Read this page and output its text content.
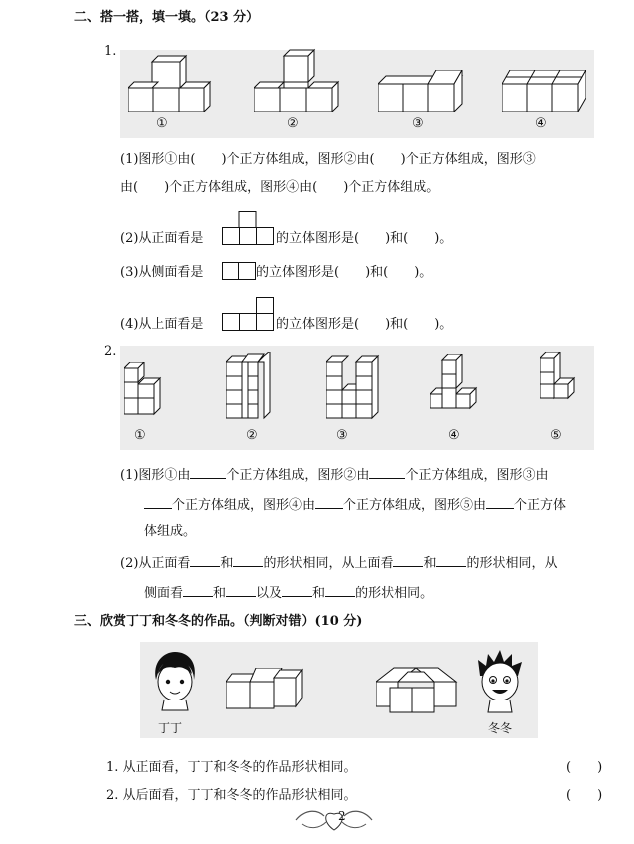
二、搭一搭，填一填。（23 分）
1.
①	②	③	④
(1)图形①由(　　)个正方体组成，图形②由(　　)个正方体组成，图形③
由(　　)个正方体组成，图形④由(　　)个正方体组成。
(2)从正面看是	的立体图形是(　　)和(　　)。
(3)从侧面看是	的立体图形是(　　)和(　　)。
(4)从上面看是	的立体图形是(　　)和(　　)。
2.
①	②	③	④	⑤
(1)图形①由	个正方体组成，图形②由	个正方体组成，图形③由
个正方体组成，图形④由 个正方体组成，图形⑤由 个正方体
体组成。
(2)从正面看 和 的形状相同，从上面看 和 的形状相同，从
侧面看 和 以及 和 的形状相同。
三、欣赏丁丁和冬冬的作品。（判断对错）(10 分)
丁丁	冬冬
1. 从正面看，丁丁和冬冬的作品形状相同。	(　　)
2. 从后面看，丁丁和冬冬的作品形状相同。	(　　)
2
